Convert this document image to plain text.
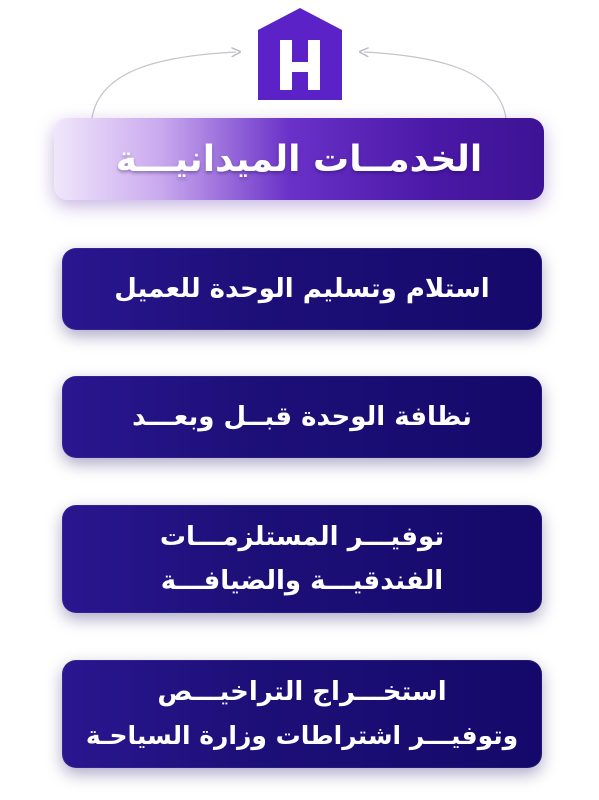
الخدمــات الميدانيـــة
استلام وتسليم الوحدة للعميل
نظافة الوحدة قبــل وبعـــد
توفيـــر المستلزمـــات
الفندقيـــة والضيافـــة
استخـــراج التراخيـــص
وتوفيـــر اشتراطات وزارة السياحـة
